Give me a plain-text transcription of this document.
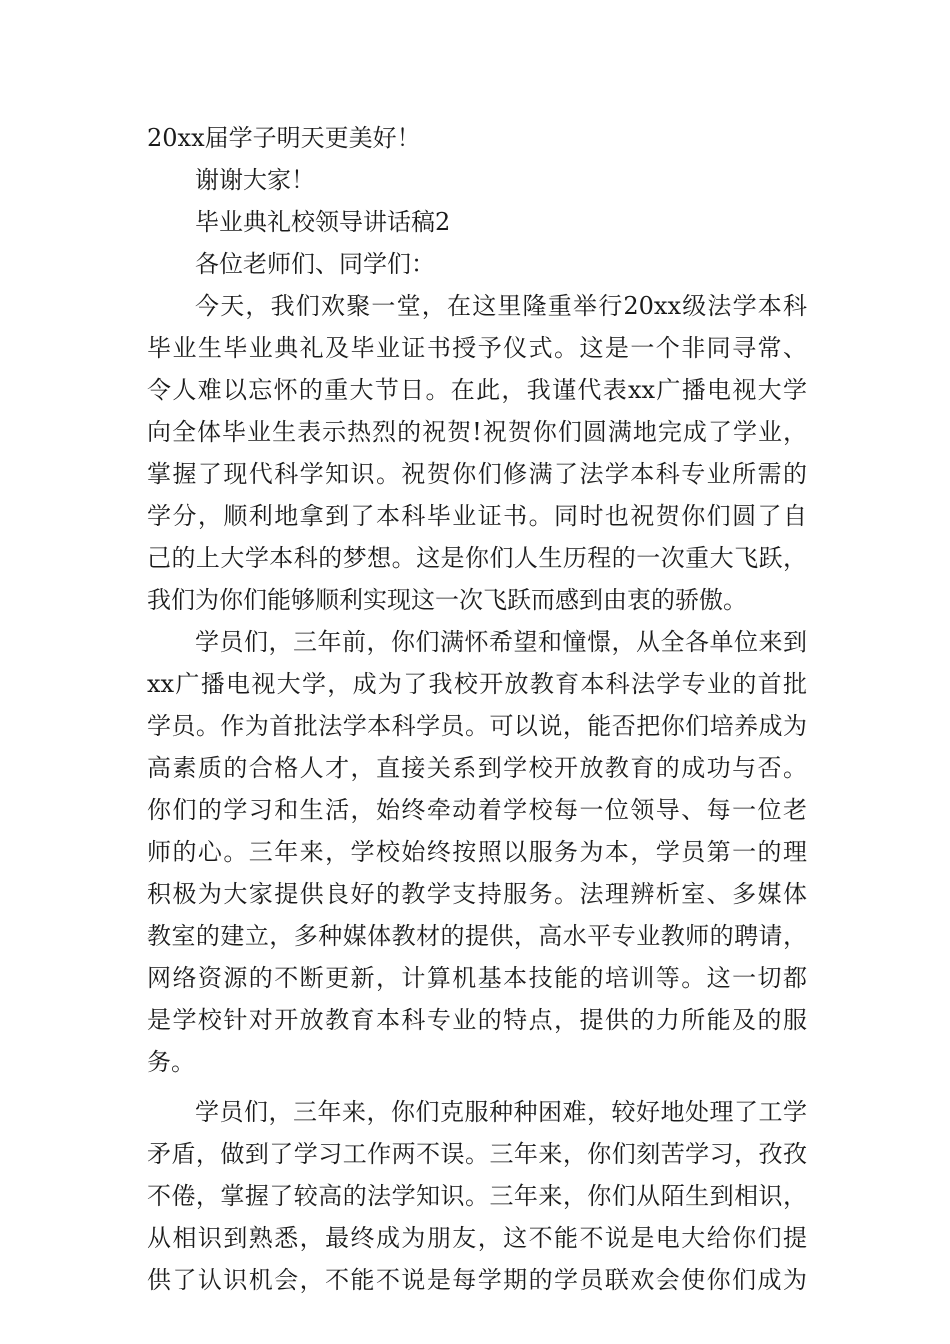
20xx届学子明天更美好！
谢谢大家！
毕业典礼校领导讲话稿2
各位老师们、同学们：
今天，我们欢聚一堂，在这里隆重举行20xx级法学本科
毕业生毕业典礼及毕业证书授予仪式。这是一个非同寻常、
令人难以忘怀的重大节日。在此，我谨代表xx广播电视大学
向全体毕业生表示热烈的祝贺!祝贺你们圆满地完成了学业，
掌握了现代科学知识。祝贺你们修满了法学本科专业所需的
学分，顺利地拿到了本科毕业证书。同时也祝贺你们圆了自
己的上大学本科的梦想。这是你们人生历程的一次重大飞跃，
我们为你们能够顺利实现这一次飞跃而感到由衷的骄傲。
学员们，三年前，你们满怀希望和憧憬，从全各单位来到
xx广播电视大学，成为了我校开放教育本科法学专业的首批
学员。作为首批法学本科学员。可以说，能否把你们培养成为
高素质的合格人才，直接关系到学校开放教育的成功与否。
你们的学习和生活，始终牵动着学校每一位领导、每一位老
师的心。三年来，学校始终按照以服务为本，学员第一的理
积极为大家提供良好的教学支持服务。法理辨析室、多媒体
教室的建立，多种媒体教材的提供，高水平专业教师的聘请，
网络资源的不断更新，计算机基本技能的培训等。这一切都
是学校针对开放教育本科专业的特点，提供的力所能及的服
务。
学员们，三年来，你们克服种种困难，较好地处理了工学
矛盾，做到了学习工作两不误。三年来，你们刻苦学习，孜孜
不倦，掌握了较高的法学知识。三年来，你们从陌生到相识，
从相识到熟悉，最终成为朋友，这不能不说是电大给你们提
供了认识机会，不能不说是每学期的学员联欢会使你们成为
